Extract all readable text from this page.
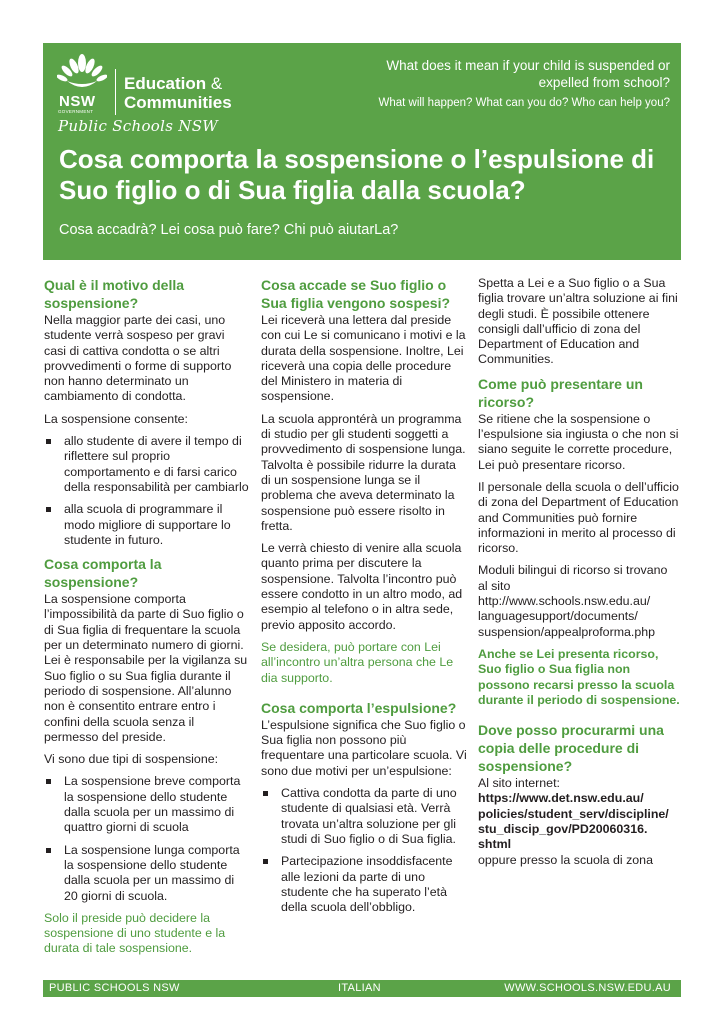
NSW
GOVERNMENT
Education &
Communities
Public Schools NSW
What does it mean if your child is suspended or expelled from school?
What will happen? What can you do? Who can help you?
Cosa comporta la sospensione o l’espulsione di Suo figlio o di Sua figlia dalla scuola?
Cosa accadrà? Lei cosa può fare? Chi può aiutarLa?
Qual è il motivo della sospensione?

Nella maggior parte dei casi, uno studente verrà sospeso per gravi casi di cattiva condotta o se altri provvedimenti o forme di supporto non hanno determinato un cambiamento di condotta.

La sospensione consente:

allo studente di avere il tempo di riflettere sul proprio comportamento e di farsi carico della responsabilità per cambiarlo
alla scuola di programmare il modo migliore di supportare lo studente in futuro.
Cosa comporta la sospensione?

La sospensione comporta l’impossibilità da parte di Suo figlio o di Sua figlia di frequentare la scuola per un determinato numero di giorni. Lei è responsabile per la vigilanza su Suo figlio o su Sua figlia durante il periodo di sospensione. All’alunno non è consentito entrare entro i confini della scuola senza il permesso del preside.

Vi sono due tipi di sospensione:

La sospensione breve comporta la sospensione dello studente dalla scuola per un massimo di quattro giorni di scuola
La sospensione lunga comporta la sospensione dello studente dalla scuola per un massimo di 20 giorni di scuola.

Solo il preside può decidere la sospensione di uno studente e la durata di tale sospensione.

Cosa accade se Suo figlio o Sua figlia vengono sospesi?

Lei riceverà una lettera dal preside con cui Le si comunicano i motivi e la durata della sospensione. Inoltre, Lei riceverà una copia delle procedure del Ministero in materia di sospensione.

La scuola approntérà un programma di studio per gli studenti soggetti a provvedimento di sospensione lunga. Talvolta è possibile ridurre la durata di un sospensione lunga se il problema che aveva determinato la sospensione può essere risolto in fretta.

Le verrà chiesto di venire alla scuola quanto prima per discutere la sospensione. Talvolta l’incontro può essere condotto in un altro modo, ad esempio al telefono o in altra sede, previo apposito accordo.

Se desidera, può portare con Lei all’incontro un’altra persona che Le dia supporto.

Cosa comporta l’espulsione?

L’espulsione significa che Suo figlio o Sua figlia non possono più frequentare una particolare scuola. Vi sono due motivi per un’espulsione:

Cattiva condotta da parte di uno studente di qualsiasi età. Verrà trovata un’altra soluzione per gli studi di Suo figlio o di Sua figlia.
Partecipazione insoddisfacente alle lezioni da parte di uno studente che ha superato l’età della scuola dell’obbligo.

Spetta a Lei e a Suo figlio o a Sua figlia trovare un’altra soluzione ai fini degli studi. È possibile ottenere consigli dall’ufficio di zona del Department of Education and Communities.

Come può presentare un ricorso?

Se ritiene che la sospensione o l’espulsione sia ingiusta o che non si siano seguite le corrette procedure, Lei può presentare ricorso.

Il personale della scuola o dell’ufficio di zona del Department of Education and Communities può fornire informazioni in merito al processo di ricorso.

Moduli bilingui di ricorso si trovano al sito http://www.schools.nsw.edu.au/ languagesupport/documents/ suspension/appealproforma.php

Anche se Lei presenta ricorso, Suo figlio o Sua figlia non possono recarsi presso la scuola durante il periodo di sospensione.

Dove posso procurarmi una copia delle procedure di sospensione?

Al sito internet:

https://www.det.nsw.edu.au/ policies/student_serv/discipline/ stu_discip_gov/PD20060316. shtml

oppure presso la scuola di zona

PUBLIC SCHOOLS NSW	ITALIAN	WWW.SCHOOLS.NSW.EDU.AU
